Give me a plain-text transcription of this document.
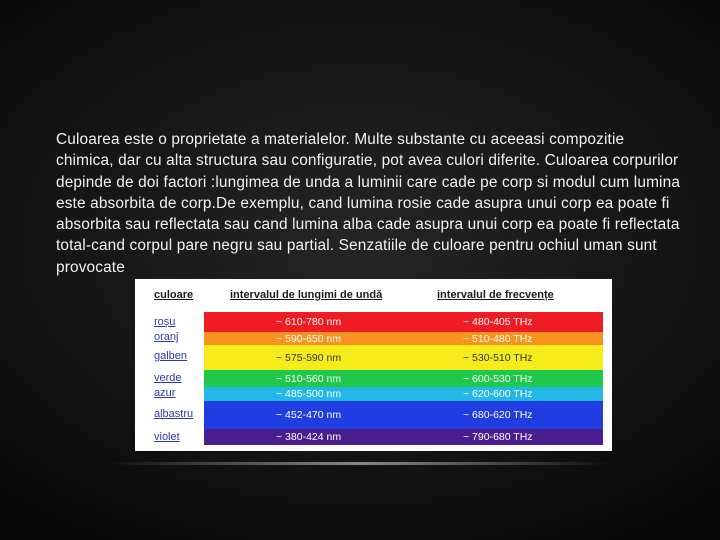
Culoarea este o proprietate a materialelor. Multe substante cu aceeasi compozitie chimica, dar cu alta structura sau configuratie, pot avea culori diferite. Culoarea corpurilor depinde de doi factori :lungimea de unda a luminii care cade pe corp si modul cum lumina este absorbita de corp.De exemplu, cand lumina rosie cade asupra unui corp ea poate fi absorbita sau reflectata sau cand lumina alba cade asupra unui corp ea poate fi reflectata total-cand corpul pare negru sau partial. Senzatiile de culoare pentru ochiul uman sunt provocate

culoare	intervalul de lungimi de undă	intervalul de frecvențe
roșu	~ 610-780 nm	~ 480-405 THz
oranj	~ 590-650 nm	~ 510-480 THz
galben	~ 575-590 nm	~ 530-510 THz
verde	~ 510-560 nm	~ 600-530 THz
azur	~ 485-500 nm	~ 620-600 THz
albastru	~ 452-470 nm	~ 680-620 THz
violet	~ 380-424 nm	~ 790-680 THz
